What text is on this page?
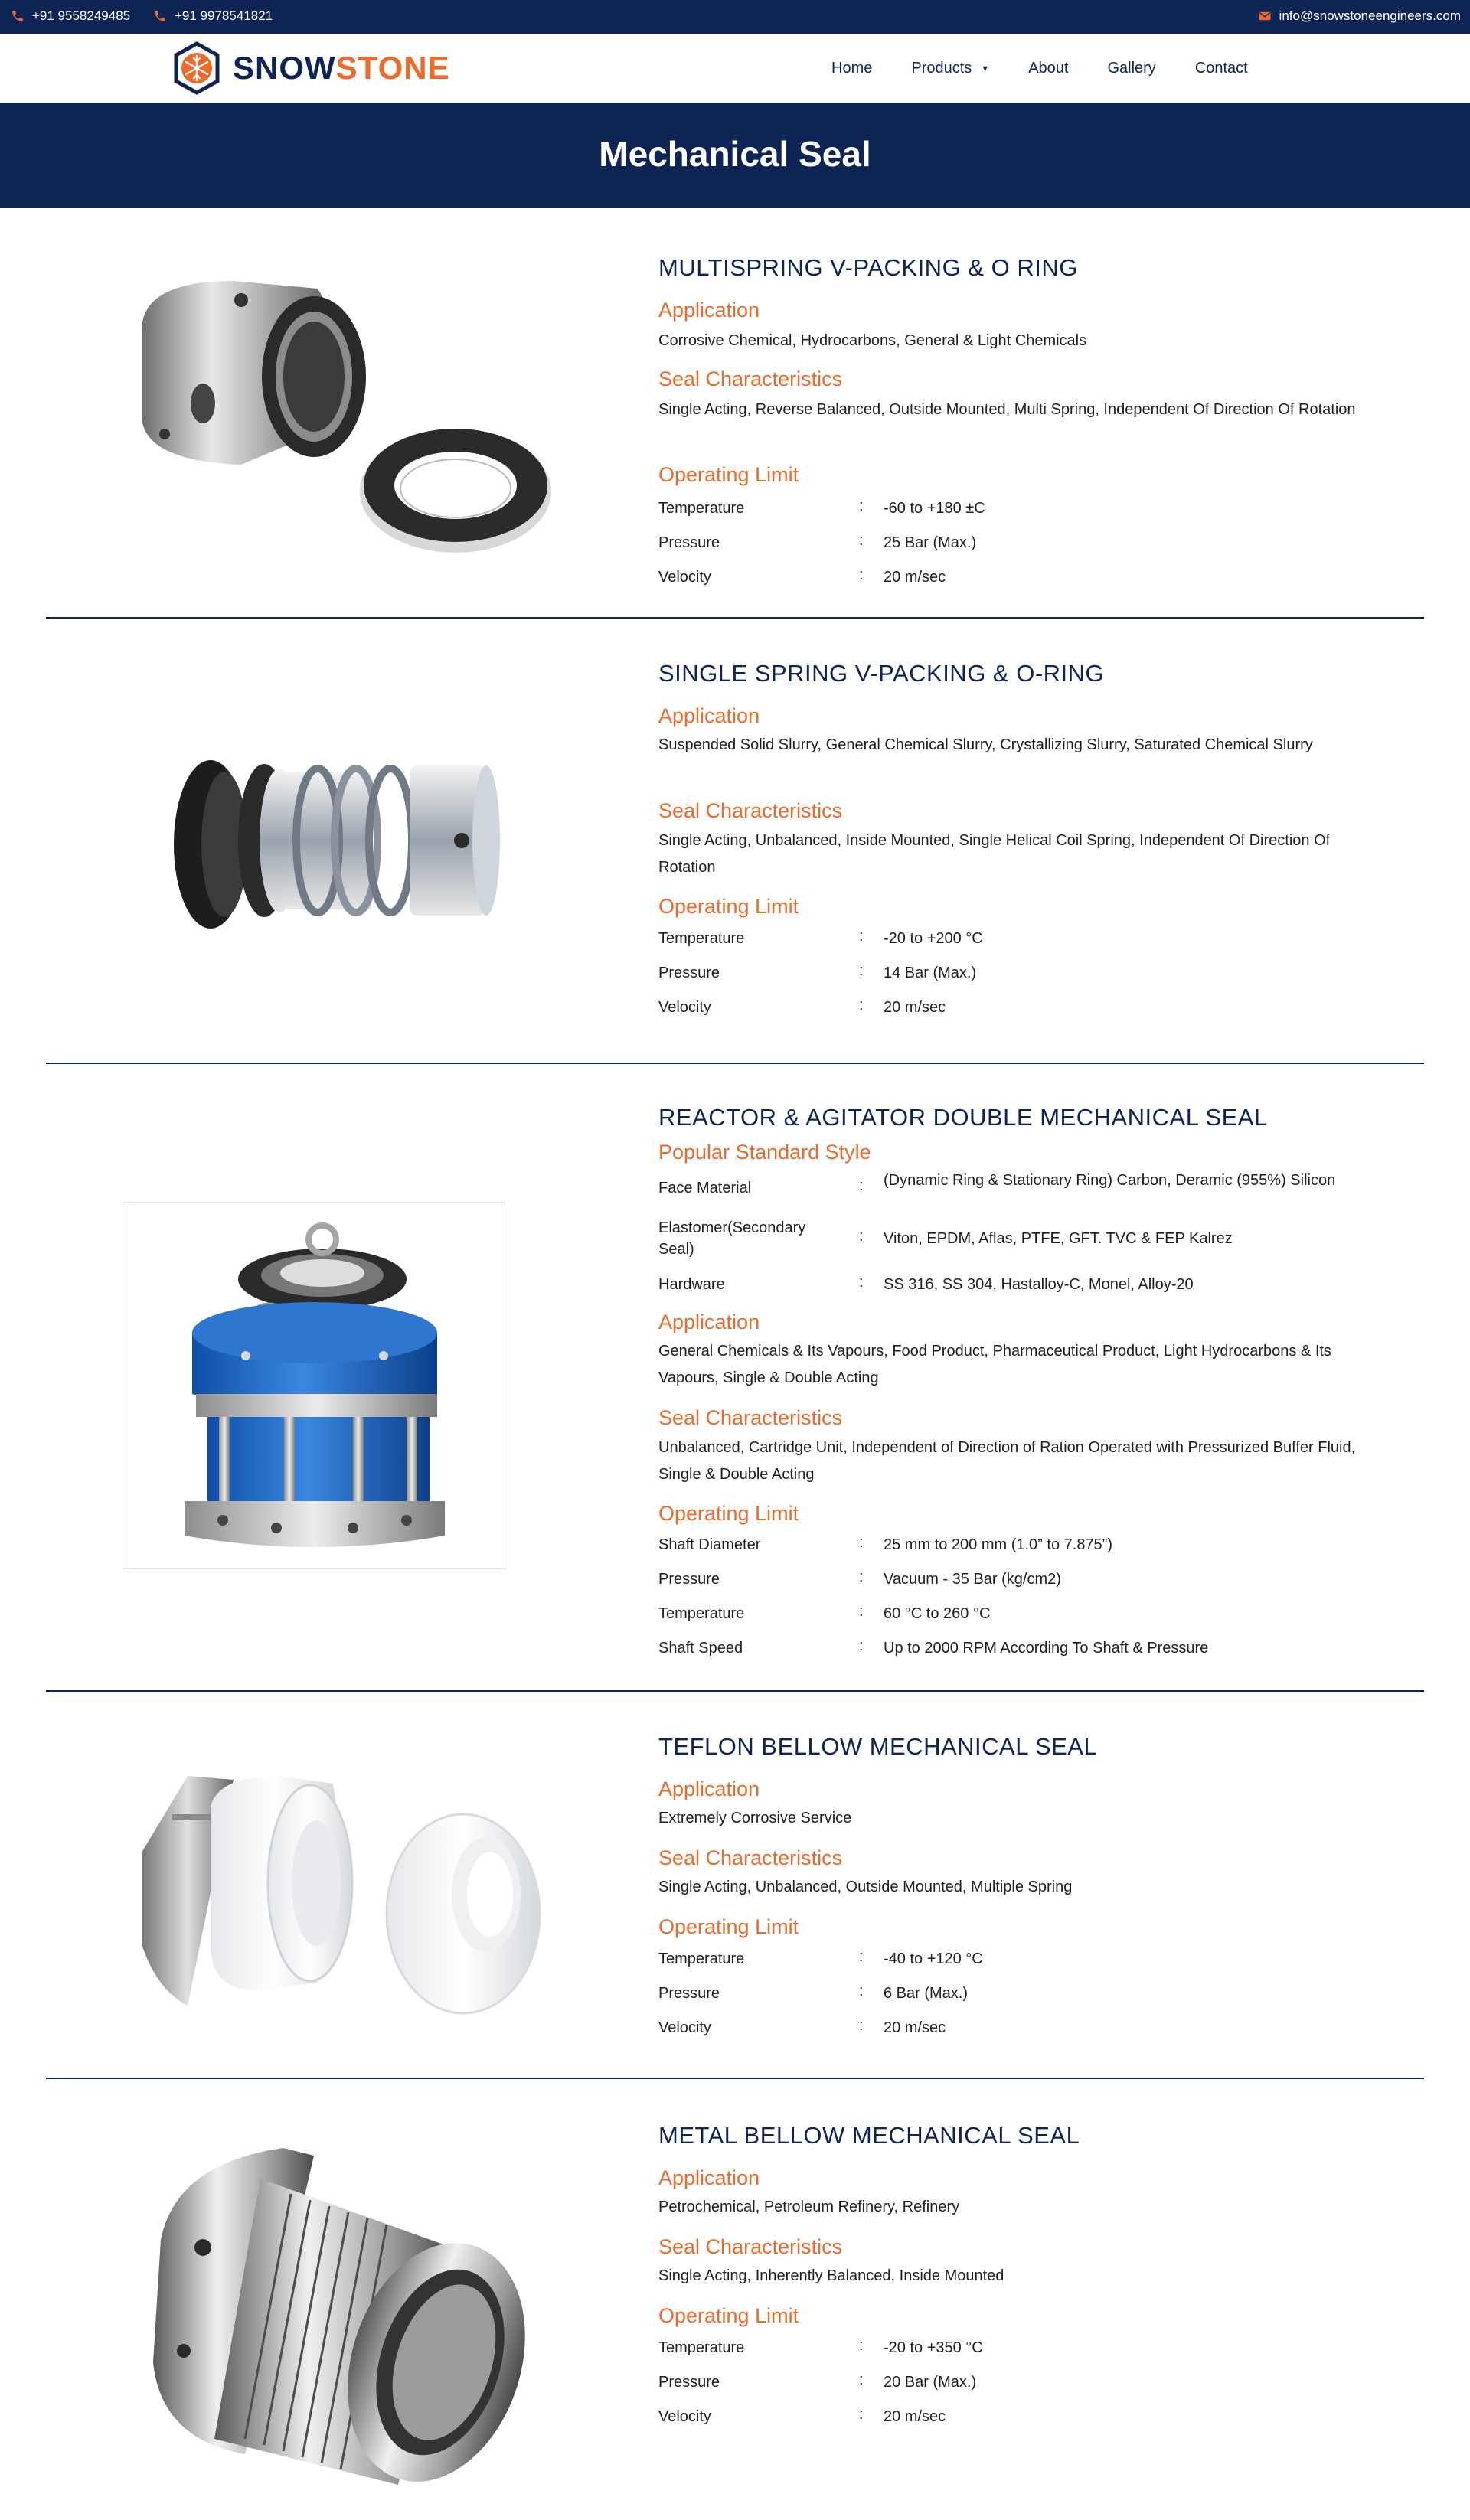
+91 9558249485	+91 9978541821	info@snowstoneengineers.com
SNOWSTONE	Home	Products ▼	About	Gallery	Contact
Mechanical Seal
MULTISPRING V-PACKING & O RING
Application
Corrosive Chemical, Hydrocarbons, General & Light Chemicals
Seal Characteristics
Single Acting, Reverse Balanced, Outside Mounted, Multi Spring, Independent Of Direction Of Rotation
Operating Limit
Temperature	: -60 to +180 ±C
Pressure	: 25 Bar (Max.)
Velocity	: 20 m/sec
SINGLE SPRING V-PACKING & O-RING
Application
Suspended Solid Slurry, General Chemical Slurry, Crystallizing Slurry, Saturated Chemical Slurry
Seal Characteristics
Single Acting, Unbalanced, Inside Mounted, Single Helical Coil Spring, Independent Of Direction Of Rotation
Operating Limit
Temperature	: -20 to +200 °C
Pressure	: 14 Bar (Max.)
Velocity	: 20 m/sec
REACTOR & AGITATOR DOUBLE MECHANICAL SEAL
Popular Standard Style
Face Material	: (Dynamic Ring & Stationary Ring) Carbon, Deramic (955%) Silicon
Elastomer(Secondary Seal)
: Viton, EPDM, Aflas, PTFE, GFT. TVC & FEP Kalrez
Hardware	: SS 316, SS 304, Hastalloy-C, Monel, Alloy-20
Application
General Chemicals & Its Vapours, Food Product, Pharmaceutical Product, Light Hydrocarbons & Its Vapours, Single & Double Acting
Seal Characteristics
Unbalanced, Cartridge Unit, Independent of Direction of Ration Operated with Pressurized Buffer Fluid, Single & Double Acting
Operating Limit
Shaft Diameter	: 25 mm to 200 mm (1.0” to 7.875”)
Pressure	: Vacuum - 35 Bar (kg/cm2)
Temperature	: 60 °C to 260 °C
Shaft Speed	: Up to 2000 RPM According To Shaft & Pressure
TEFLON BELLOW MECHANICAL SEAL
Application
Extremely Corrosive Service
Seal Characteristics
Single Acting, Unbalanced, Outside Mounted, Multiple Spring
Operating Limit
Temperature	: -40 to +120 °C
Pressure	: 6 Bar (Max.)
Velocity	: 20 m/sec
METAL BELLOW MECHANICAL SEAL
Application
Petrochemical, Petroleum Refinery, Refinery
Seal Characteristics
Single Acting, Inherently Balanced, Inside Mounted
Operating Limit
Temperature	: -20 to +350 °C
Pressure	: 20 Bar (Max.)
Velocity	: 20 m/sec
